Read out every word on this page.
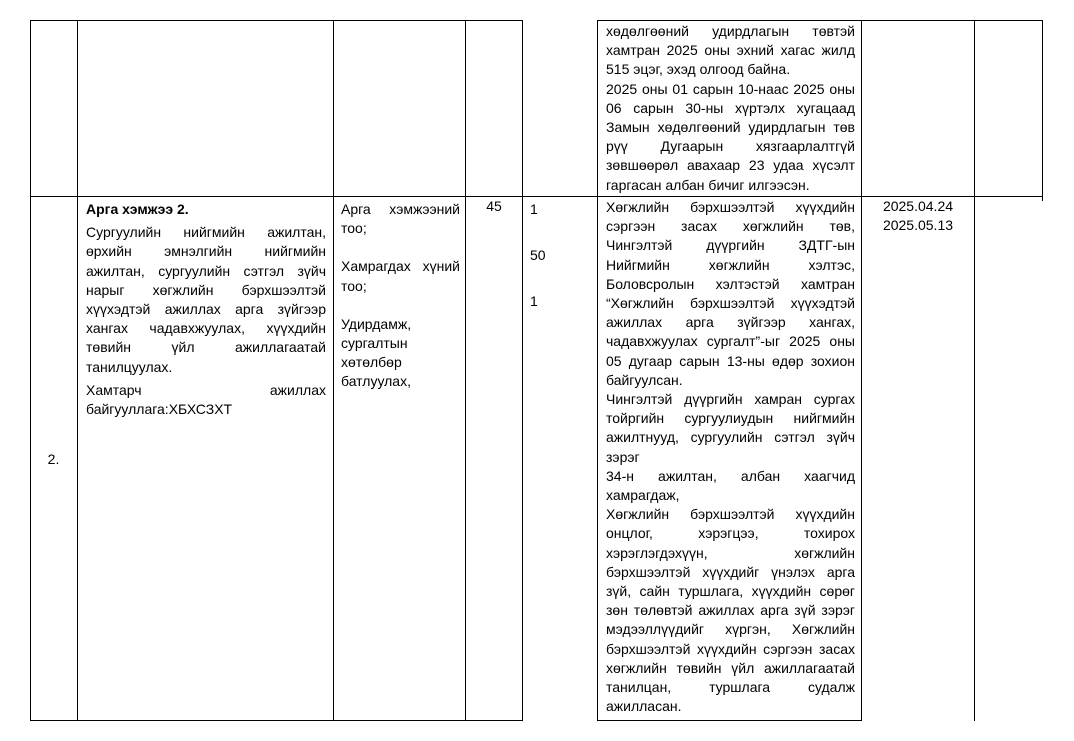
хөдөлгөөний удирдлагын төвтэй
хамтран 2025 оны эхний хагас жилд
515 эцэг, эхэд олгоод байна.
2025 оны 01 сарын 10-наас 2025 оны
06 сарын 30-ны хүртэлх хугацаад
Замын хөдөлгөөний удирдлагын төв
рүү Дугаарын хязгаарлалтгүй
зөвшөөрөл авахаар 23 удаа хүсэлт
гаргасан албан бичиг илгээсэн.
2.
Арга хэмжээ 2.
Сургуулийн нийгмийн ажилтан, өрхийн эмнэлгийн нийгмийн ажилтан, сургуулийн сэтгэл зүйч нарыг хөгжлийн бэрхшээлтэй хүүхэдтэй ажиллах арга зүйгээр хангах чадавхжуулах, хүүхдийн төвийн үйл ажиллагаатай танилцуулах.
Хамтарч ажиллах
байгууллага:ХБХСЗХТ
Арга хэмжээний тоо;
Хамрагдах хүний тоо;
Удирдамж, сургалтын хөтөлбөр батлуулах,
45	1
50
1
Хөгжлийн бэрхшээлтэй хүүхдийн
сэргээн засах хөгжлийн төв,
Чингэлтэй дүүргийн ЗДТГ-ын
Нийгмийн хөгжлийн хэлтэс,
Боловсролын хэлтэстэй хамтран
“Хөгжлийн бэрхшээлтэй хүүхэдтэй
ажиллах арга зүйгээр хангах,
чадавхжуулах сургалт”-ыг 2025 оны
05 дугаар сарын 13-ны өдөр зохион
байгуулсан.
Чингэлтэй дүүргийн хамран сургах
тойргийн сургуулиудын нийгмийн
ажилтнууд, сургуулийн сэтгэл зүйч
зэрэг
34-н ажилтан, албан хаагчид
хамрагдаж,
Хөгжлийн бэрхшээлтэй хүүхдийн
онцлог, хэрэгцээ, тохирох
хэрэглэгдэхүүн, хөгжлийн
бэрхшээлтэй хүүхдийг үнэлэх арга
зүй, сайн туршлага, хүүхдийн сөрөг
зөн төлөвтэй ажиллах арга зүй зэрэг
мэдээллүүдийг хүргэн, Хөгжлийн
бэрхшээлтэй хүүхдийн сэргээн засах
хөгжлийн төвийн үйл ажиллагаатай
танилцан, туршлага судалж
ажилласан.
2025.04.24
2025.05.13
